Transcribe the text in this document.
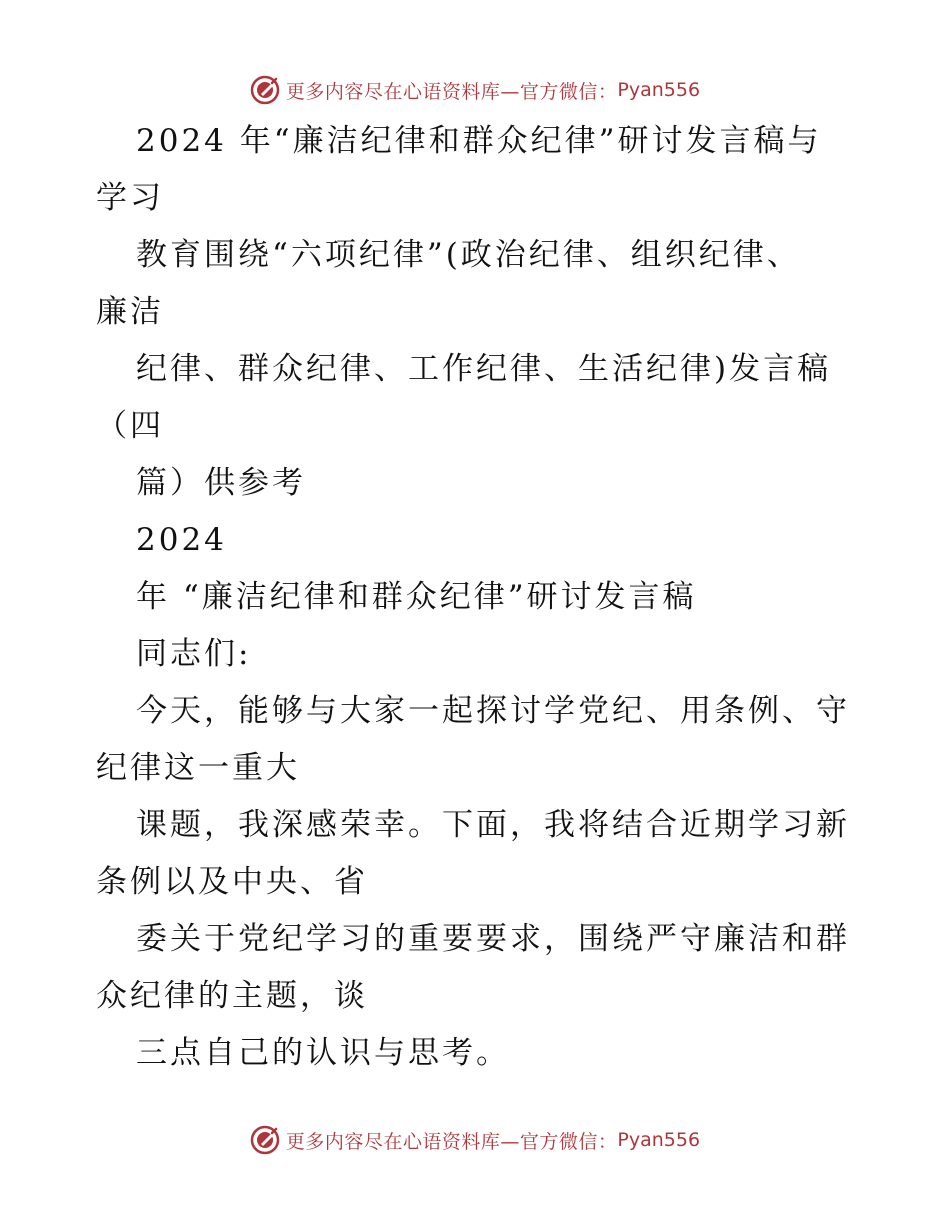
更多内容尽在心语资料库—官方微信： Pyan556

2024 年“廉洁纪律和群众纪律”研讨发言稿与

学习

教育围绕“六项纪律”(政治纪律、组织纪律、

廉洁

纪律、群众纪律、工作纪律、生活纪律)发言稿

（四

篇）供参考

2024

年 “廉洁纪律和群众纪律”研讨发言稿

同志们:

今天，能够与大家一起探讨学党纪、用条例、守

纪律这一重大

课题，我深感荣幸。下面，我将结合近期学习新

条例以及中央、省

委关于党纪学习的重要要求，围绕严守廉洁和群

众纪律的主题，谈

三点自己的认识与思考。

更多内容尽在心语资料库—官方微信： Pyan556
